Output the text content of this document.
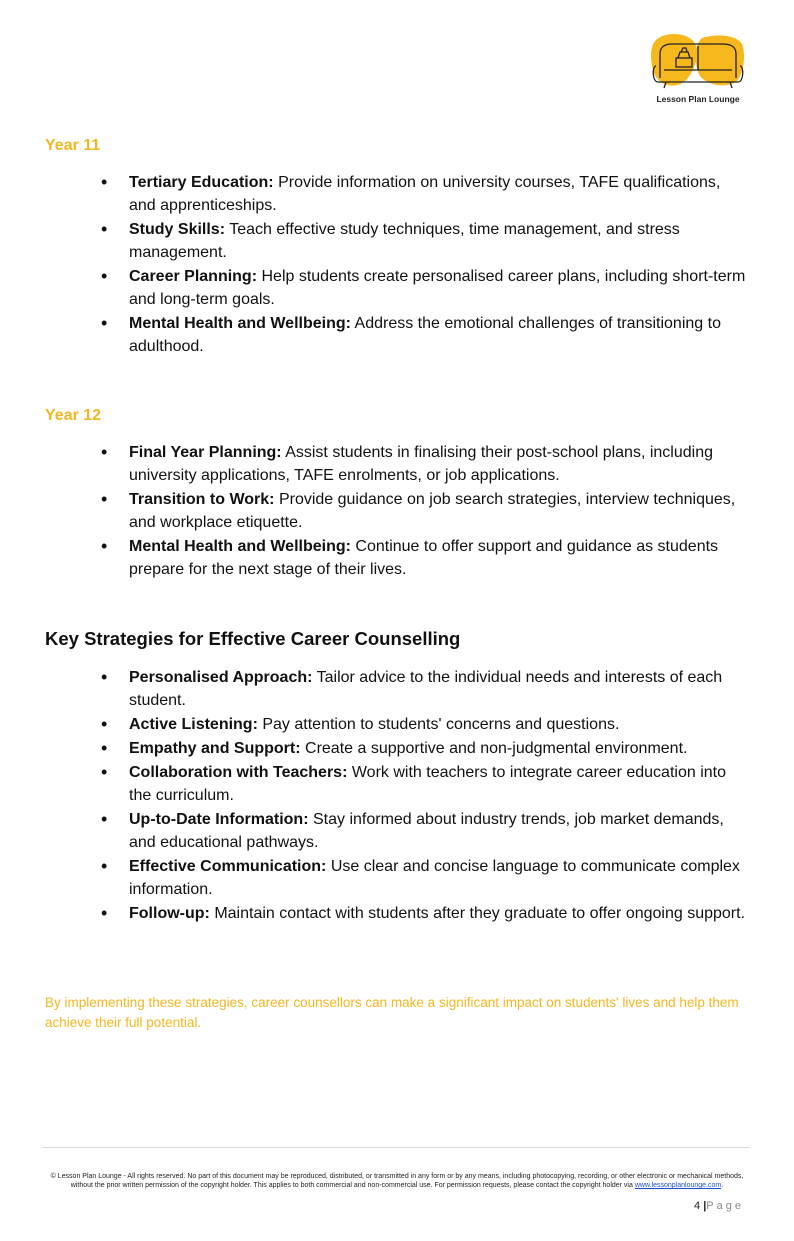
Lesson Plan Lounge
Year 11
• Tertiary Education: Provide information on university courses, TAFE qualifications, and apprenticeships.
• Study Skills: Teach effective study techniques, time management, and stress management.
• Career Planning: Help students create personalised career plans, including short-term and long-term goals.
• Mental Health and Wellbeing: Address the emotional challenges of transitioning to adulthood.
Year 12
• Final Year Planning: Assist students in finalising their post-school plans, including university applications, TAFE enrolments, or job applications.
• Transition to Work: Provide guidance on job search strategies, interview techniques, and workplace etiquette.
• Mental Health and Wellbeing: Continue to offer support and guidance as students prepare for the next stage of their lives.
Key Strategies for Effective Career Counselling
• Personalised Approach: Tailor advice to the individual needs and interests of each student.
• Active Listening: Pay attention to students' concerns and questions.
• Empathy and Support: Create a supportive and non-judgmental environment.
• Collaboration with Teachers: Work with teachers to integrate career education into the curriculum.
• Up-to-Date Information: Stay informed about industry trends, job market demands, and educational pathways.
• Effective Communication: Use clear and concise language to communicate complex information.
• Follow-up: Maintain contact with students after they graduate to offer ongoing support.

By implementing these strategies, career counsellors can make a significant impact on students' lives and help them achieve their full potential.

© Lesson Plan Lounge - All rights reserved. No part of this document may be reproduced, distributed, or transmitted in any form or by any means, including photocopying, recording, or other electronic or mechanical methods, without the prior written permission of the copyright holder. This applies to both commercial and non-commercial use. For permission requests, please contact the copyright holder via www.lessonplanlounge.com.

4 |Page
